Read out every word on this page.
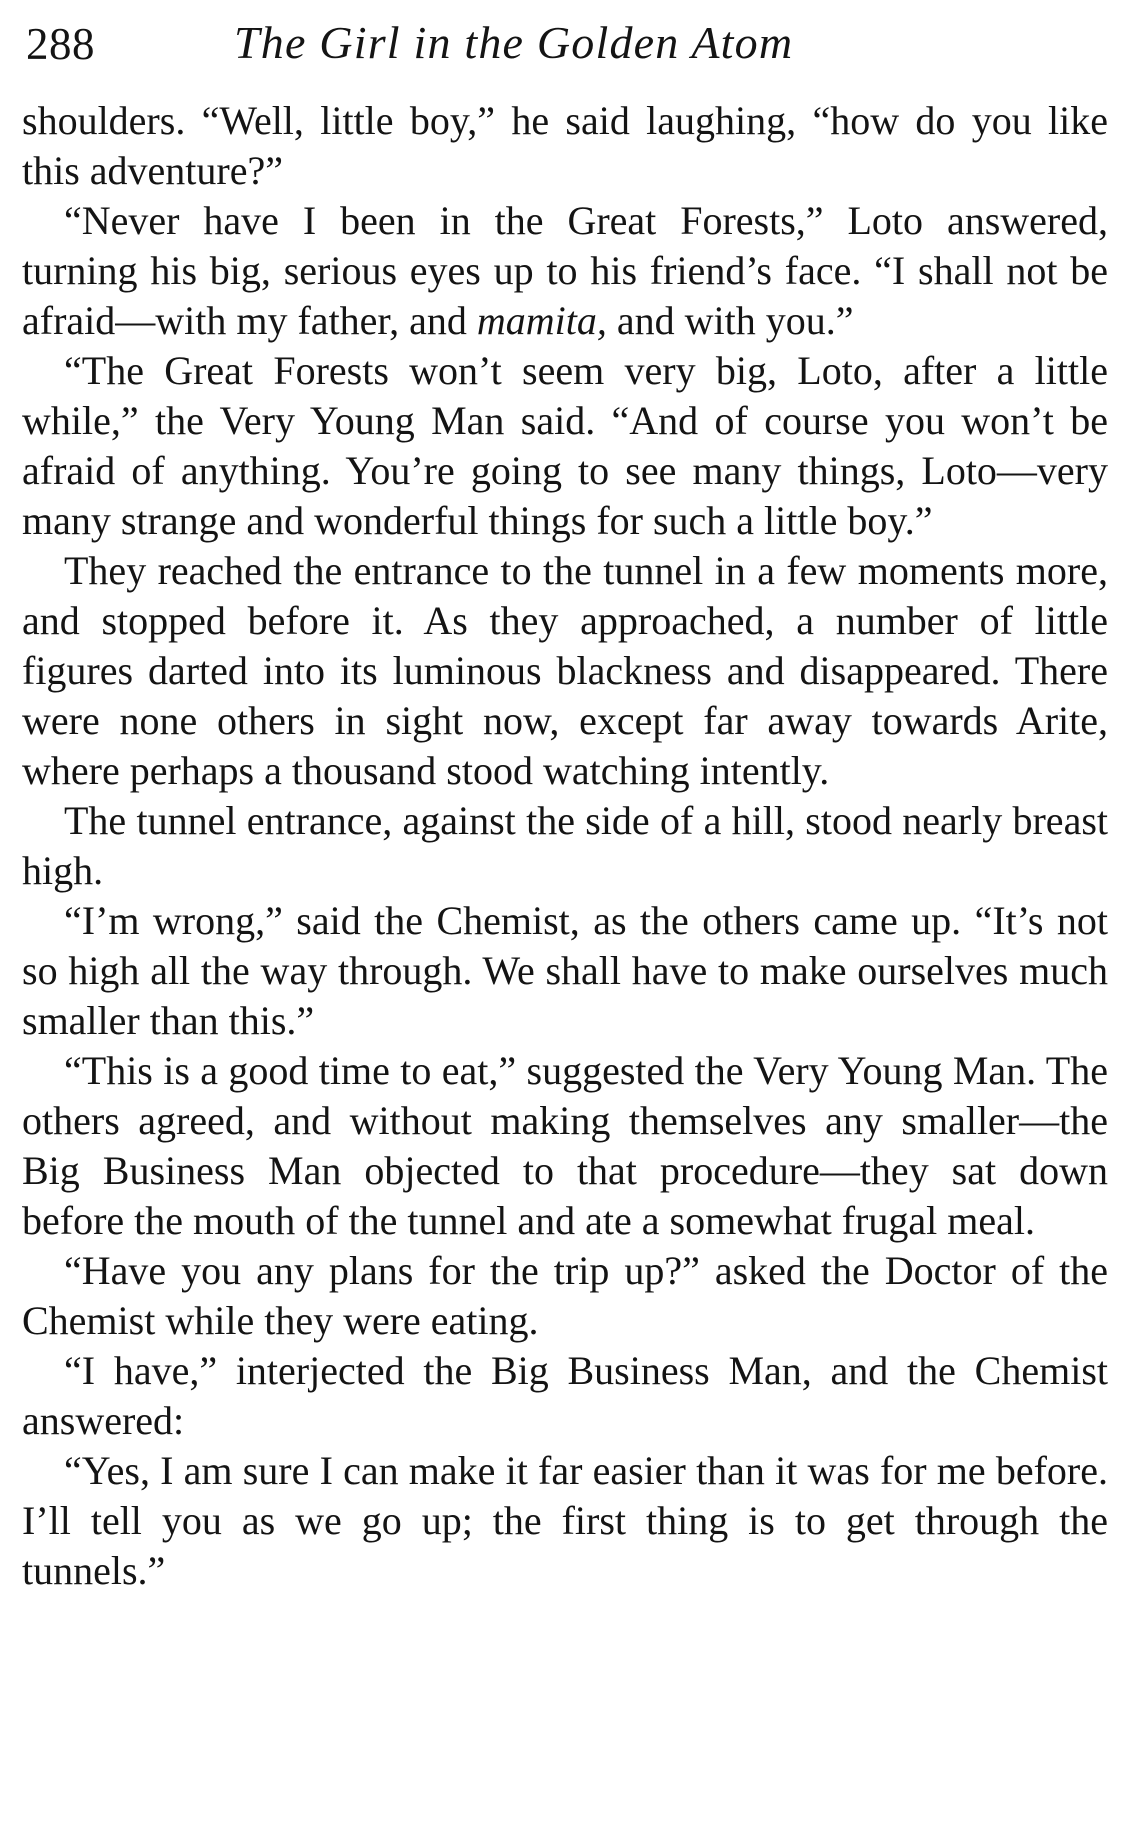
288	The Girl in the Golden Atom

shoulders. “Well, little boy,” he said laughing, “how do you like this adventure?”

“Never have I been in the Great Forests,” Loto answered, turning his big, serious eyes up to his friend’s face. “I shall not be afraid—with my father, and mamita, and with you.”

“The Great Forests won’t seem very big, Loto, after a little while,” the Very Young Man said. “And of course you won’t be afraid of anything. You’re going to see many things, Loto—very many strange and wonderful things for such a little boy.”

They reached the entrance to the tunnel in a few moments more, and stopped before it. As they approached, a number of little figures darted into its luminous blackness and disappeared. There were none others in sight now, except far away towards Arite, where perhaps a thousand stood watching intently.

The tunnel entrance, against the side of a hill, stood nearly breast high.

“I’m wrong,” said the Chemist, as the others came up. “It’s not so high all the way through. We shall have to make ourselves much smaller than this.”

“This is a good time to eat,” suggested the Very Young Man. The others agreed, and without making themselves any smaller—the Big Business Man objected to that procedure—they sat down before the mouth of the tunnel and ate a somewhat frugal meal.

“Have you any plans for the trip up?” asked the Doctor of the Chemist while they were eating.

“I have,” interjected the Big Business Man, and the Chemist answered:

“Yes, I am sure I can make it far easier than it was for me before. I’ll tell you as we go up; the first thing is to get through the tunnels.”
